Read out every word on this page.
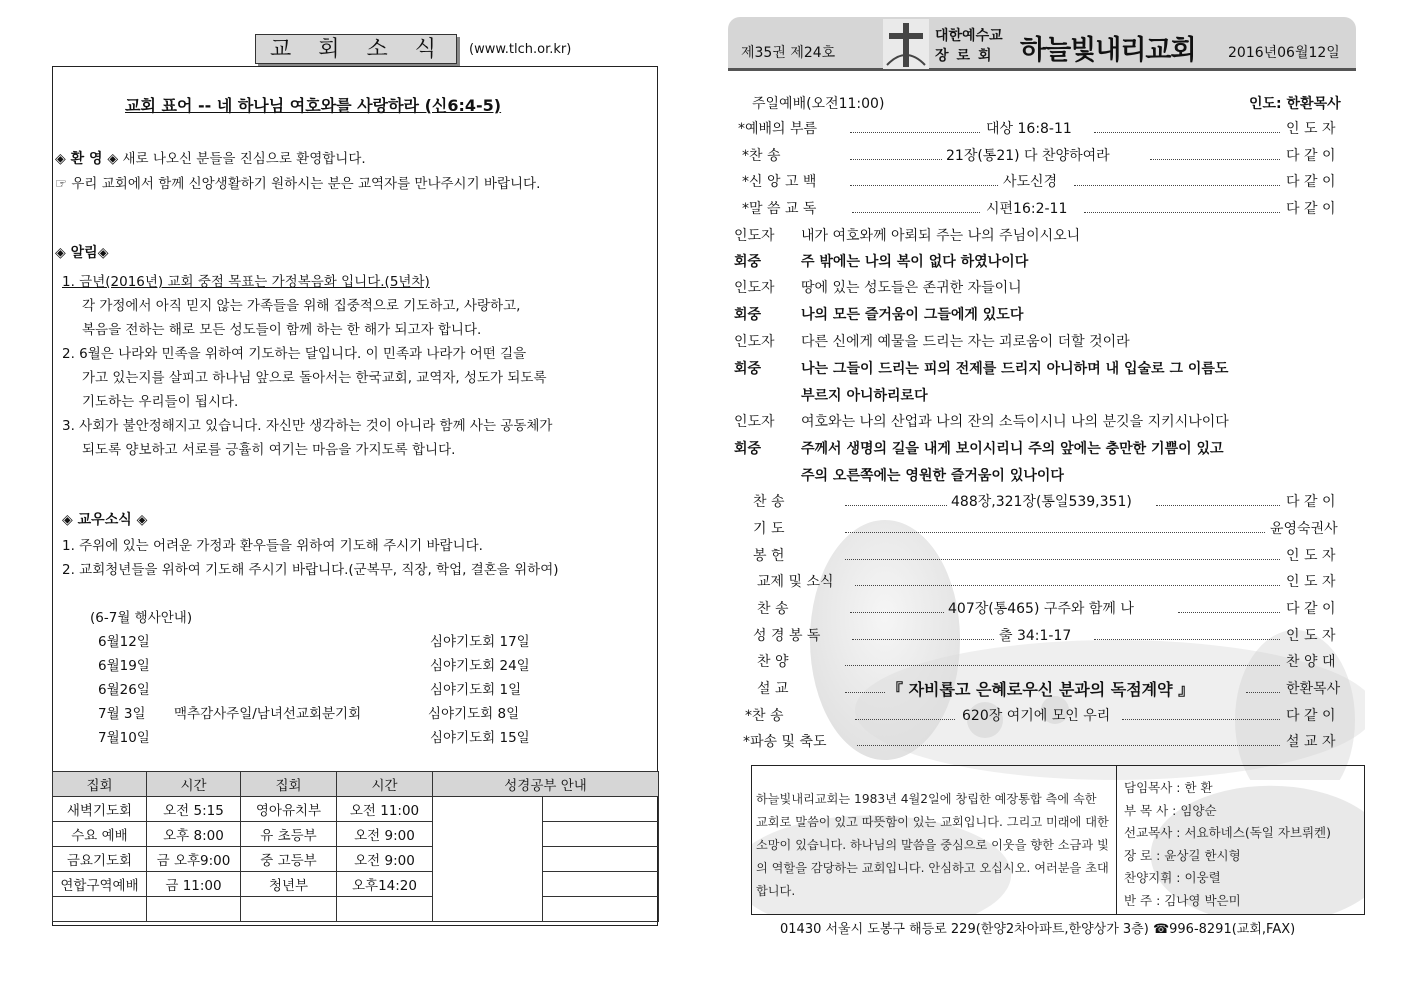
교 회 소 식	(www.tlch.or.kr)
교회 표어 -- 네 하나님 여호와를 사랑하라 (신6:4-5)
◈ 환 영 ◈ 새로 나오신 분들을 진심으로 환영합니다.
☞ 우리 교회에서 함께 신앙생활하기 원하시는 분은 교역자를 만나주시기 바랍니다.
◈ 알림◈
1. 금년(2016년) 교회 중점 목표는 가정복음화 입니다.(5년차)
각 가정에서 아직 믿지 않는 가족들을 위해 집중적으로 기도하고, 사랑하고,
복음을 전하는 해로 모든 성도들이 함께 하는 한 해가 되고자 합니다.
2. 6월은 나라와 민족을 위하여 기도하는 달입니다. 이 민족과 나라가 어떤 길을
가고 있는지를 살피고 하나님 앞으로 돌아서는 한국교회, 교역자, 성도가 되도록
기도하는 우리들이 됩시다.
3. 사회가 불안정해지고 있습니다. 자신만 생각하는 것이 아니라 함께 사는 공동체가
되도록 양보하고 서로를 긍휼히 여기는 마음을 가지도록 합니다.
◈ 교우소식 ◈
1. 주위에 있는 어려운 가정과 환우들을 위하여 기도해 주시기 바랍니다.
2. 교회청년들을 위하여 기도해 주시기 바랍니다.(군복무, 직장, 학업, 결혼을 위하여)
(6-7월 행사안내)
6월12일	심야기도회 17일
6월19일	심야기도회 24일
6월26일	심야기도회 1일
7월 3일 맥추감사주일/남녀선교회분기회	심야기도회 8일
7월10일	심야기도회 15일
집회	시간	집회	시간	성경공부 안내	
새벽기도회	오전 5:15	영아유치부	오전 11:00		
수요 예배	오후 8:00	유 초등부	오전 9:00		
금요기도회	금 오후9:00	중 고등부	오전 9:00		
연합구역예배	금 11:00	청년부	오후14:20		

제35권 제24호
대한예수교
장로회 하늘빛내리교회 2016년06월12일
주일예배(오전11:00)	인도: 한환목사
*예배의 부름	대상 16:8-11	인 도 자
*찬 송	21장(통21) 다 찬양하여라	다 같 이
*신 앙 고 백	사도신경	다 같 이
*말 씀 교 독	시편16:2-11	다 같 이
인도자 내가 여호와께 아뢰되 주는 나의 주님이시오니
회중	주 밖에는 나의 복이 없다 하였나이다
인도자 땅에 있는 성도들은 존귀한 자들이니
회중	나의 모든 즐거움이 그들에게 있도다
인도자 다른 신에게 예물을 드리는 자는 괴로움이 더할 것이라
회중	나는 그들이 드리는 피의 전제를 드리지 아니하며 내 입술로 그 이름도
부르지 아니하리로다
인도자 여호와는 나의 산업과 나의 잔의 소득이시니 나의 분깃을 지키시나이다
회중	주께서 생명의 길을 내게 보이시리니 주의 앞에는 충만한 기쁨이 있고
주의 오른쪽에는 영원한 즐거움이 있나이다
찬 송	488장,321장(통일539,351)	다 같 이
기 도	윤영숙권사
봉 헌	인 도 자
교제 및 소식	인 도 자
찬 송	407장(통465) 구주와 함께 나	다 같 이
성 경 봉 독	출 34:1-17	인 도 자
찬 양	찬 양 대
설 교	『 자비롭고 은혜로우신 분과의 독점계약 』	한환목사
*찬 송	620장 여기에 모인 우리	다 같 이
*파송 및 축도	설 교 자
하늘빛내리교회는 1983년 4월2일에 창립한 예장통합 측에 속한 교회로 말씀이 있고 따뜻함이 있는 교회입니다. 그리고 미래에 대한 소망이 있습니다. 하나님의 말씀을 중심으로 이웃을 향한 소금과 빛의 역할을 감당하는 교회입니다. 안심하고 오십시오. 여러분을 초대합니다.
담임목사 : 한 환
부 목 사 : 임양순
선교목사 : 서요하네스(독일 자브뤼켄)
장 로 : 윤상길 한시형
찬양지휘 : 이웅렬
반 주 : 김나영 박은미
01430 서울시 도봉구 해등로 229(한양2차아파트,한양상가 3층) ☎996-8291(교회,FAX)
